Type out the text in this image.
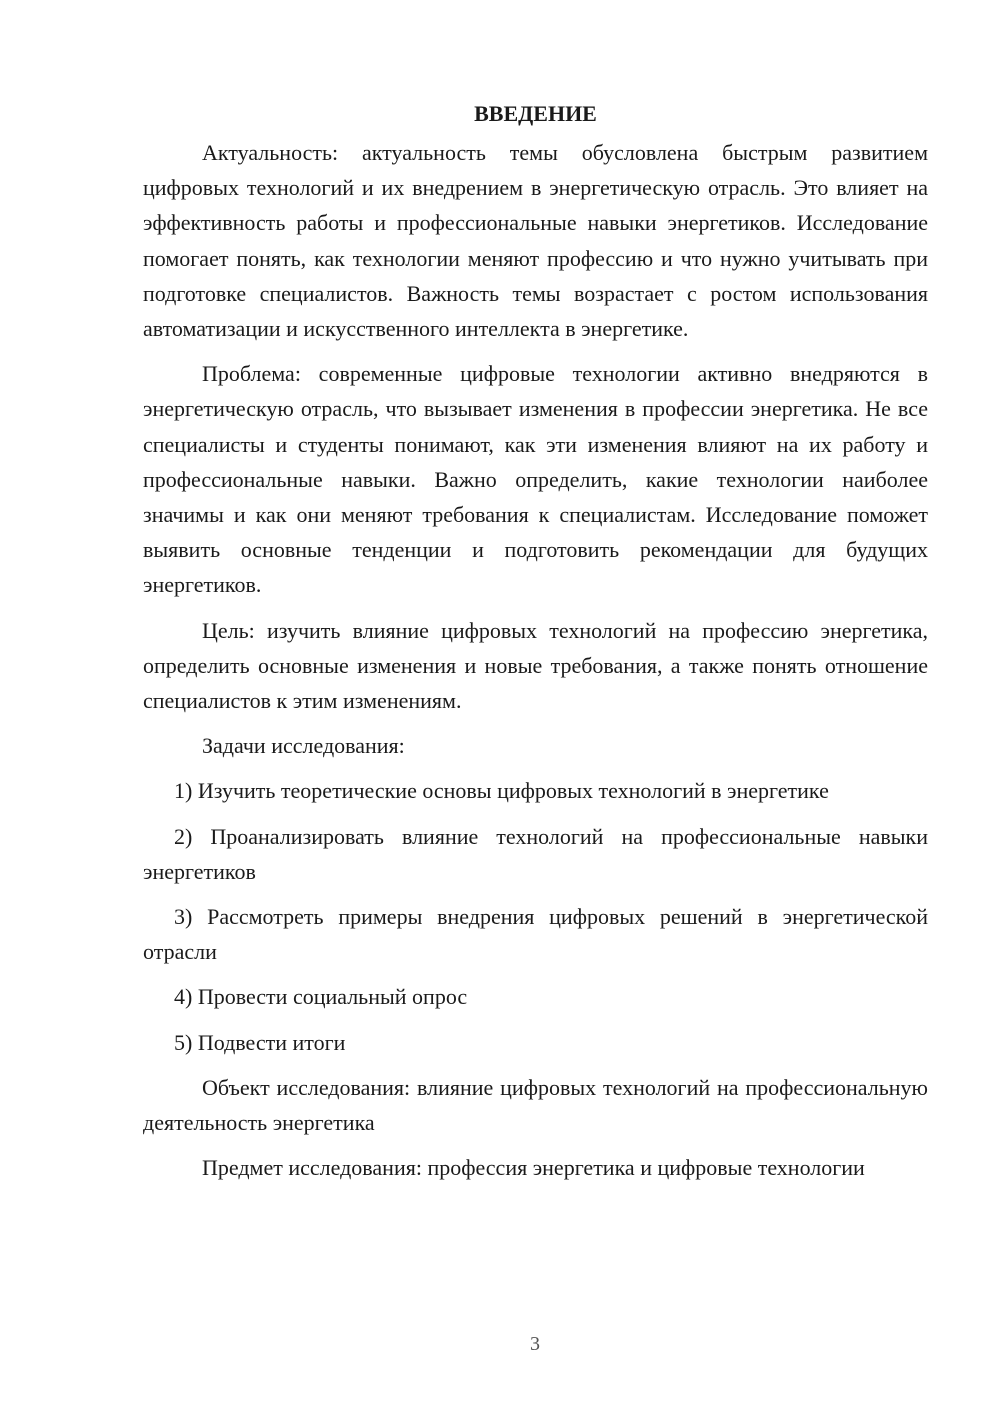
ВВЕДЕНИЕ

Актуальность: актуальность темы обусловлена быстрым развитием цифровых технологий и их внедрением в энергетическую отрасль. Это влияет на эффективность работы и профессиональные навыки энергетиков. Исследование помогает понять, как технологии меняют профессию и что нужно учитывать при подготовке специалистов. Важность темы возрастает с ростом использования автоматизации и искусственного интеллекта в энергетике.

Проблема: современные цифровые технологии активно внедряются в энергетическую отрасль, что вызывает изменения в профессии энергетика. Не все специалисты и студенты понимают, как эти изменения влияют на их работу и профессиональные навыки. Важно определить, какие технологии наиболее значимы и как они меняют требования к специалистам. Исследование поможет выявить основные тенденции и подготовить рекомендации для будущих энергетиков.

Цель: изучить влияние цифровых технологий на профессию энергетика, определить основные изменения и новые требования, а также понять отношение специалистов к этим изменениям.

Задачи исследования:

1) Изучить теоретические основы цифровых технологий в энергетике

2) Проанализировать влияние технологий на профессиональные навыки энергетиков

3) Рассмотреть примеры внедрения цифровых решений в энергетической отрасли

4) Провести социальный опрос

5) Подвести итоги

Объект исследования: влияние цифровых технологий на профессиональную деятельность энергетика

Предмет исследования: профессия энергетика и цифровые технологии

3
